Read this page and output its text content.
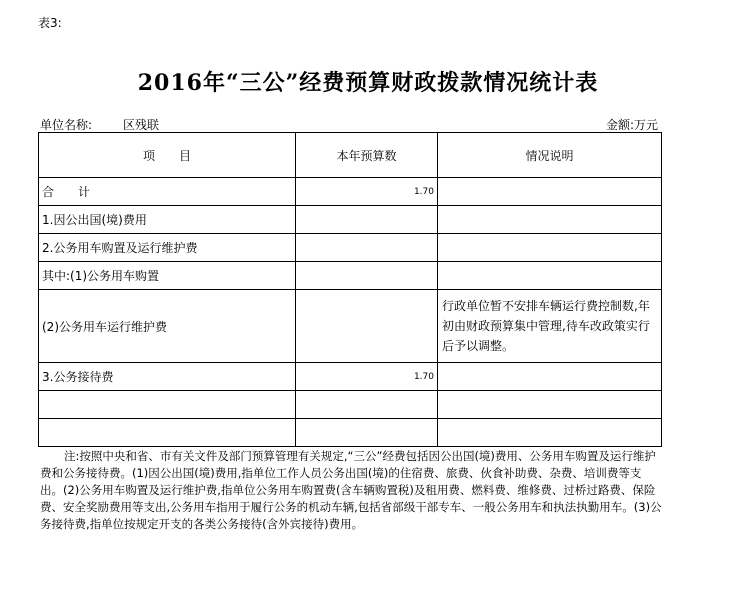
表3:
2016年“三公”经费预算财政拨款情况统计表
单位名称:	区残联	金额:万元
项　　目	本年预算数	情况说明
合　　计	1.70	
1.因公出国(境)费用		
2.公务用车购置及运行维护费		
其中:(1)公务用车购置		
(2)公务用车运行维护费		行政单位暂不安排车辆运行费控制数,年初由财政预算集中管理,待车改政策实行后予以调整。
3.公务接待费	1.70	

注:按照中央和省、市有关文件及部门预算管理有关规定,“三公”经费包括因公出国(境)费用、公务用车购置及运行维护费和公务接待费。(1)因公出国(境)费用,指单位工作人员公务出国(境)的住宿费、旅费、伙食补助费、杂费、培训费等支出。(2)公务用车购置及运行维护费,指单位公务用车购置费(含车辆购置税)及租用费、燃料费、维修费、过桥过路费、保险费、安全奖励费用等支出,公务用车指用于履行公务的机动车辆,包括省部级干部专车、一般公务用车和执法执勤用车。(3)公务接待费,指单位按规定开支的各类公务接待(含外宾接待)费用。
